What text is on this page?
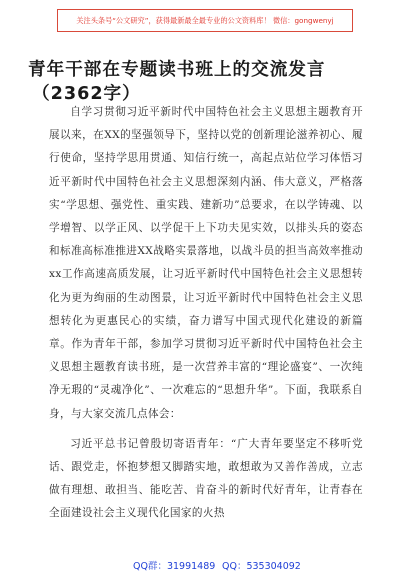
关注头条号“公文研究”，获得最新最全最专业的公文资料库！ 微信：gongwenyj
青年干部在专题读书班上的交流发言
（2362字）

自学习贯彻习近平新时代中国特色社会主义思想主题教育开展以来，在XX的坚强领导下，坚持以党的创新理论滋养初心、履行使命，坚持学思用贯通、知信行统一，高起点站位学习体悟习近平新时代中国特色社会主义思想深刻内涵、伟大意义，严格落实“学思想、强党性、重实践、建新功”总要求，在以学铸魂、以学增智、以学正风、以学促干上下功夫见实效，以排头兵的姿态和标准高标准推进XX战略实景落地，以战斗员的担当高效率推动xx工作高速高质发展，让习近平新时代中国特色社会主义思想转化为更为绚丽的生动图景，让习近平新时代中国特色社会主义思想转化为更惠民心的实绩，奋力谱写中国式现代化建设的新篇章。作为青年干部，参加学习贯彻习近平新时代中国特色社会主义思想主题教育读书班，是一次营养丰富的“理论盛宴”、一次纯净无瑕的“灵魂净化”、一次难忘的“思想升华”。下面，我联系自身，与大家交流几点体会：

习近平总书记曾殷切寄语青年：“广大青年要坚定不移听党话、跟党走，怀抱梦想又脚踏实地，敢想敢为又善作善成，立志做有理想、敢担当、能吃苦、肯奋斗的新时代好青年，让青春在全面建设社会主义现代化国家的火热

QQ群：31991489 QQ：535304092
